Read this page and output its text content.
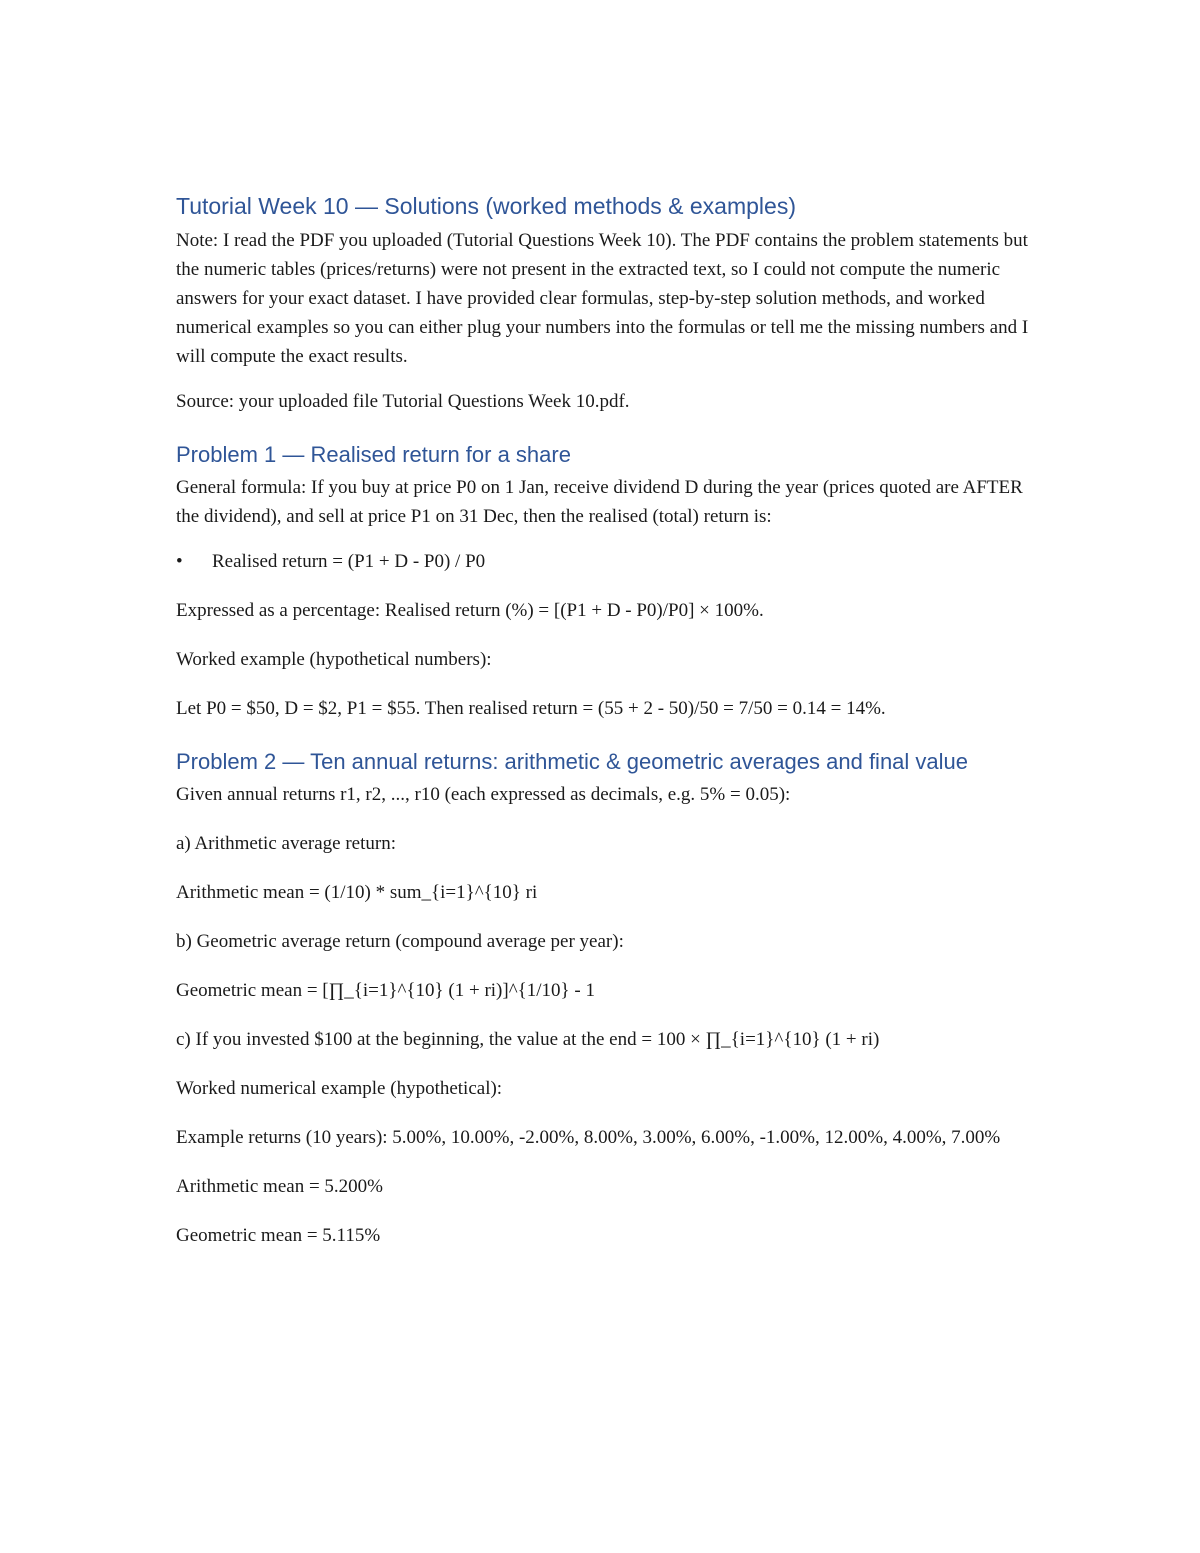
Tutorial Week 10 — Solutions (worked methods & examples)

Note: I read the PDF you uploaded (Tutorial Questions Week 10). The PDF contains the problem statements but the numeric tables (prices/returns) were not present in the extracted text, so I could not compute the numeric answers for your exact dataset. I have provided clear formulas, step-by-step solution methods, and worked numerical examples so you can either plug your numbers into the formulas or tell me the missing numbers and I will compute the exact results.

Source: your uploaded file Tutorial Questions Week 10.pdf.

Problem 1 — Realised return for a share

General formula: If you buy at price P0 on 1 Jan, receive dividend D during the year (prices quoted are AFTER the dividend), and sell at price P1 on 31 Dec, then the realised (total) return is:

• Realised return = (P1 + D - P0) / P0

Expressed as a percentage: Realised return (%) = [(P1 + D - P0)/P0] × 100%.

Worked example (hypothetical numbers):

Let P0 = $50, D = $2, P1 = $55. Then realised return = (55 + 2 - 50)/50 = 7/50 = 0.14 = 14%.

Problem 2 — Ten annual returns: arithmetic & geometric averages and final value

Given annual returns r1, r2, ..., r10 (each expressed as decimals, e.g. 5% = 0.05):

a) Arithmetic average return:

Arithmetic mean = (1/10) * sum_{i=1}^{10} ri

b) Geometric average return (compound average per year):

Geometric mean = [∏_{i=1}^{10} (1 + ri)]^{1/10} - 1

c) If you invested $100 at the beginning, the value at the end = 100 × ∏_{i=1}^{10} (1 + ri)

Worked numerical example (hypothetical):

Example returns (10 years): 5.00%, 10.00%, -2.00%, 8.00%, 3.00%, 6.00%, -1.00%, 12.00%, 4.00%, 7.00%

Arithmetic mean = 5.200%

Geometric mean = 5.115%
